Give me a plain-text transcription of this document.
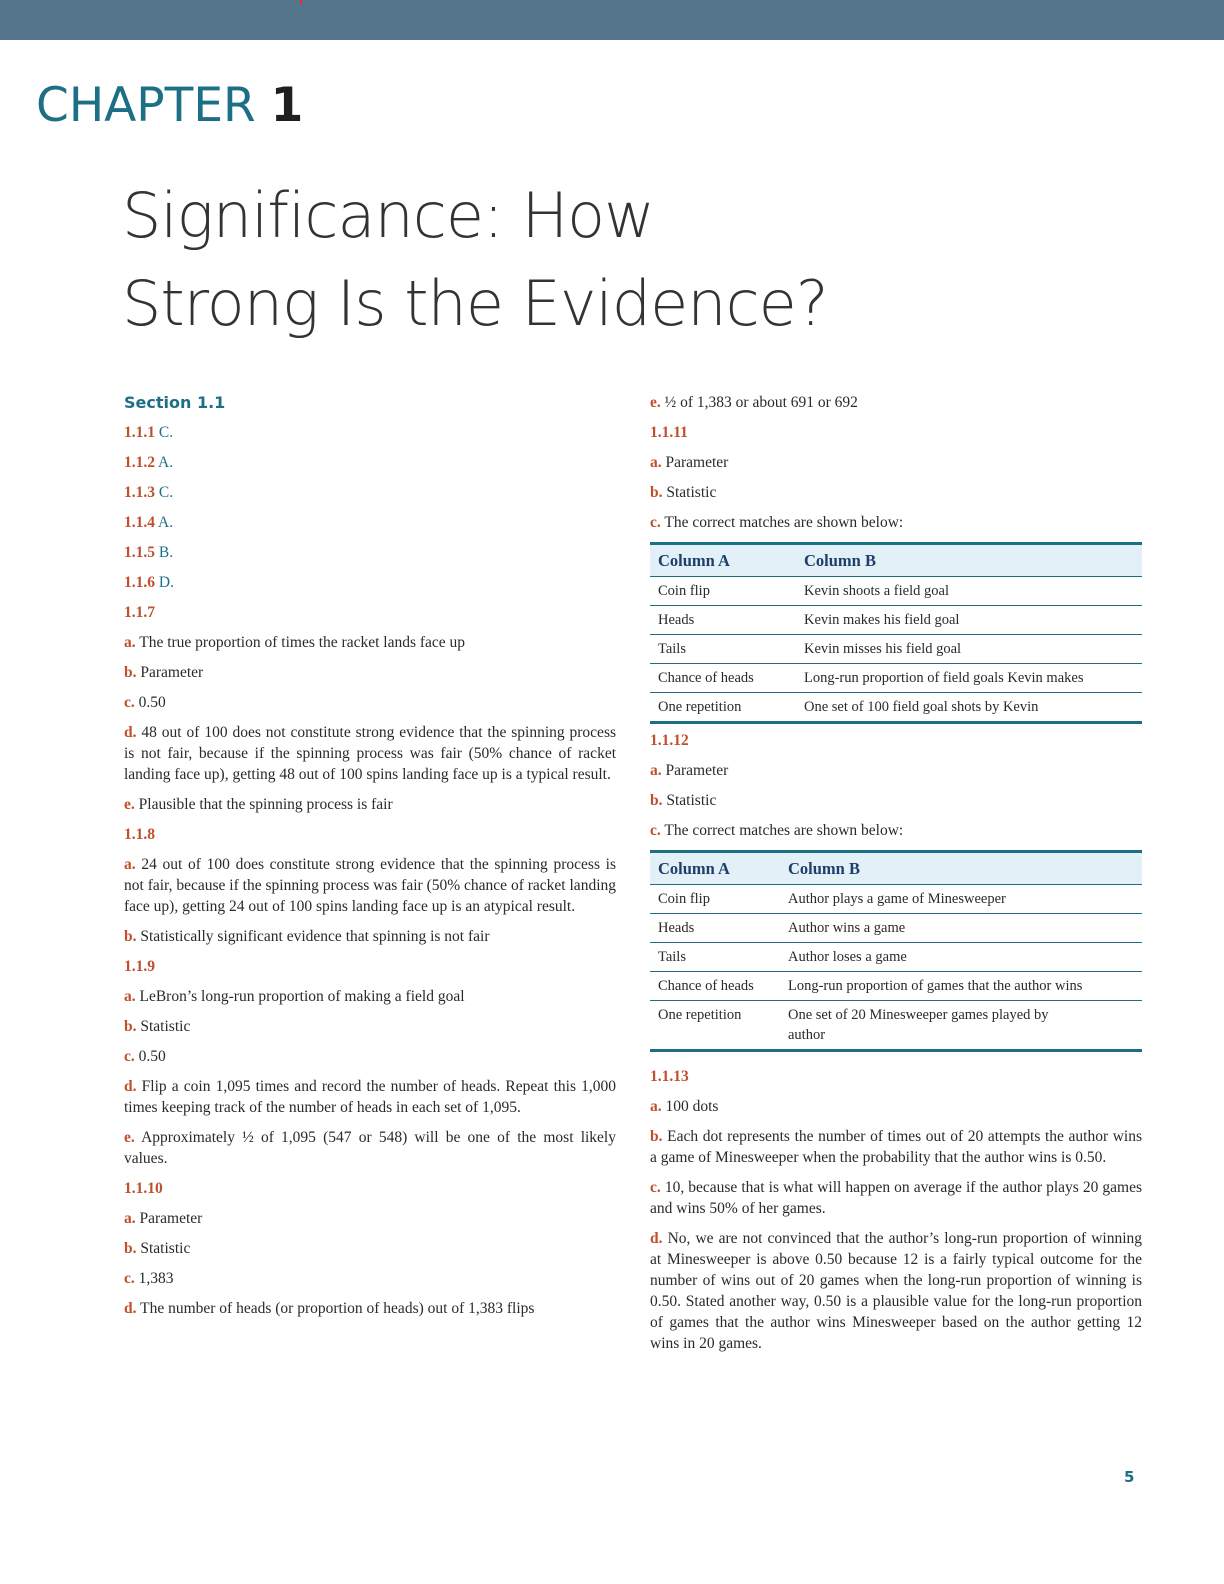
CHAPTER 1
Significance: How
Strong Is the Evidence?
Section 1.1
1.1.1 C.
1.1.2 A.
1.1.3 C.
1.1.4 A.
1.1.5 B.
1.1.6 D.
1.1.7
a. The true proportion of times the racket lands face up
b. Parameter
c. 0.50
d. 48 out of 100 does not constitute strong evidence that the spinning process is not fair, because if the spinning process was fair (50% chance of racket landing face up), getting 48 out of 100 spins landing face up is a typical result.
e. Plausible that the spinning process is fair
1.1.8
a. 24 out of 100 does constitute strong evidence that the spinning process is not fair, because if the spinning process was fair (50% chance of racket landing face up), getting 24 out of 100 spins landing face up is an atypical result.
b. Statistically significant evidence that spinning is not fair
1.1.9
a. LeBron’s long-run proportion of making a field goal
b. Statistic
c. 0.50
d. Flip a coin 1,095 times and record the number of heads. Repeat this 1,000 times keeping track of the number of heads in each set of 1,095.
e. Approximately ½ of 1,095 (547 or 548) will be one of the most likely values.
1.1.10
a. Parameter
b. Statistic
c. 1,383
d. The number of heads (or proportion of heads) out of 1,383 flips
e. ½ of 1,383 or about 691 or 692
1.1.11
a. Parameter
b. Statistic
c. The correct matches are shown below:
Column A	Column B
Coin flip	Kevin shoots a field goal
Heads	Kevin makes his field goal
Tails	Kevin misses his field goal
Chance of heads	Long-run proportion of field goals Kevin makes
One repetition	One set of 100 field goal shots by Kevin
1.1.12
a. Parameter
b. Statistic
c. The correct matches are shown below:
Column A	Column B
Coin flip	Author plays a game of Minesweeper
Heads	Author wins a game
Tails	Author loses a game
Chance of heads	Long-run proportion of games that the author wins
One repetition	One set of 20 Minesweeper games played by author
1.1.13
a. 100 dots
b. Each dot represents the number of times out of 20 attempts the author wins a game of Minesweeper when the probability that the author wins is 0.50.
c. 10, because that is what will happen on average if the author plays 20 games and wins 50% of her games.
d. No, we are not convinced that the author’s long-run proportion of winning at Minesweeper is above 0.50 because 12 is a fairly typical outcome for the number of wins out of 20 games when the long-run proportion of winning is 0.50. Stated another way, 0.50 is a plausible value for the long-run proportion of games that the author wins Minesweeper based on the author getting 12 wins in 20 games.
5
